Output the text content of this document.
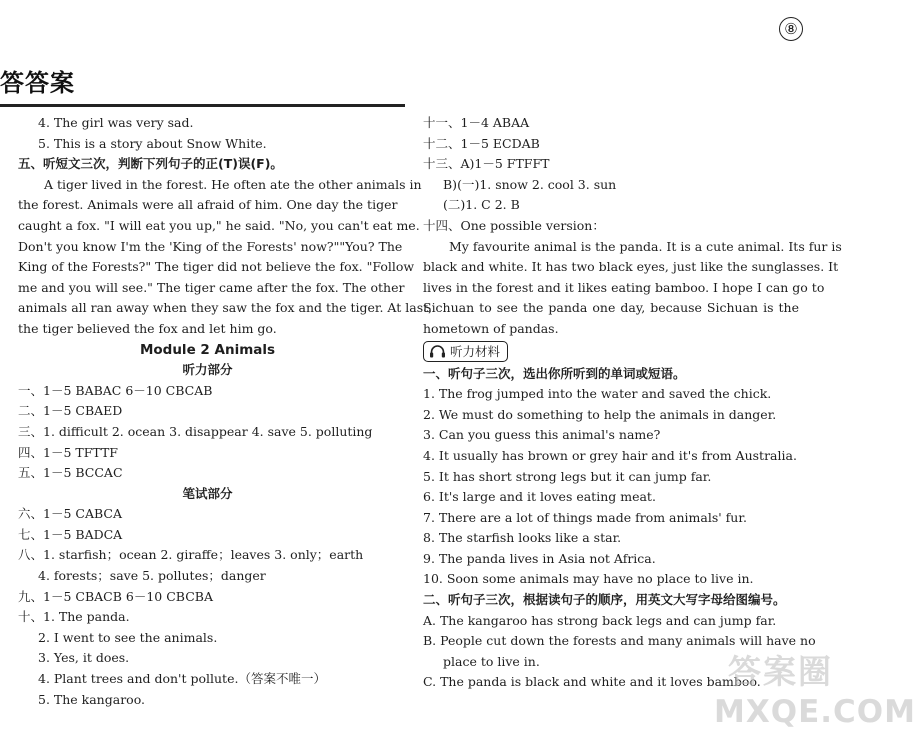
⑧
答答案
4. The girl was very sad.
5. This is a story about Snow White.
五、听短文三次，判断下列句子的正(T)误(F)。
A tiger lived in the forest. He often ate the other animals in
the forest. Animals were all afraid of him. One day the tiger
caught a fox. "I will eat you up," he said. "No, you can't eat me.
Don't you know I'm the 'King of the Forests' now?""You? The
King of the Forests?" The tiger did not believe the fox. "Follow
me and you will see." The tiger came after the fox. The other
animals all ran away when they saw the fox and the tiger. At last,
the tiger believed the fox and let him go.
Module 2 Animals
听力部分
一、1－5 BABAC 6－10 CBCAB
二、1－5 CBAED
三、1. difficult 2. ocean 3. disappear 4. save 5. polluting
四、1－5 TFTTF
五、1－5 BCCAC
笔试部分
六、1－5 CABCA
七、1－5 BADCA
八、1. starfish；ocean 2. giraffe；leaves 3. only；earth
4. forests；save 5. pollutes；danger
九、1－5 CBACB 6－10 CBCBA
十、1. The panda.
2. I went to see the animals.
3. Yes, it does.
4. Plant trees and don't pollute.（答案不唯一）
5. The kangaroo.
十一、1－4 ABAA
十二、1－5 ECDAB
十三、A)1－5 FTFFT
B)(一)1. snow 2. cool 3. sun
(二)1. C 2. B
十四、One possible version：
My favourite animal is the panda. It is a cute animal. Its fur is
black and white. It has two black eyes, just like the sunglasses. It
lives in the forest and it likes eating bamboo. I hope I can go to
Sichuan to see the panda one day, because Sichuan is the
hometown of pandas.
听力材料
一、听句子三次，选出你所听到的单词或短语。
1. The frog jumped into the water and saved the chick.
2. We must do something to help the animals in danger.
3. Can you guess this animal's name?
4. It usually has brown or grey hair and it's from Australia.
5. It has short strong legs but it can jump far.
6. It's large and it loves eating meat.
7. There are a lot of things made from animals' fur.
8. The starfish looks like a star.
9. The panda lives in Asia not Africa.
10. Soon some animals may have no place to live in.
二、听句子三次，根据读句子的顺序，用英文大写字母给图编号。
A. The kangaroo has strong back legs and can jump far.
B. People cut down the forests and many animals will have no
place to live in.
C. The panda is black and white and it loves bamboo.
答案圈
MXQE.COM
